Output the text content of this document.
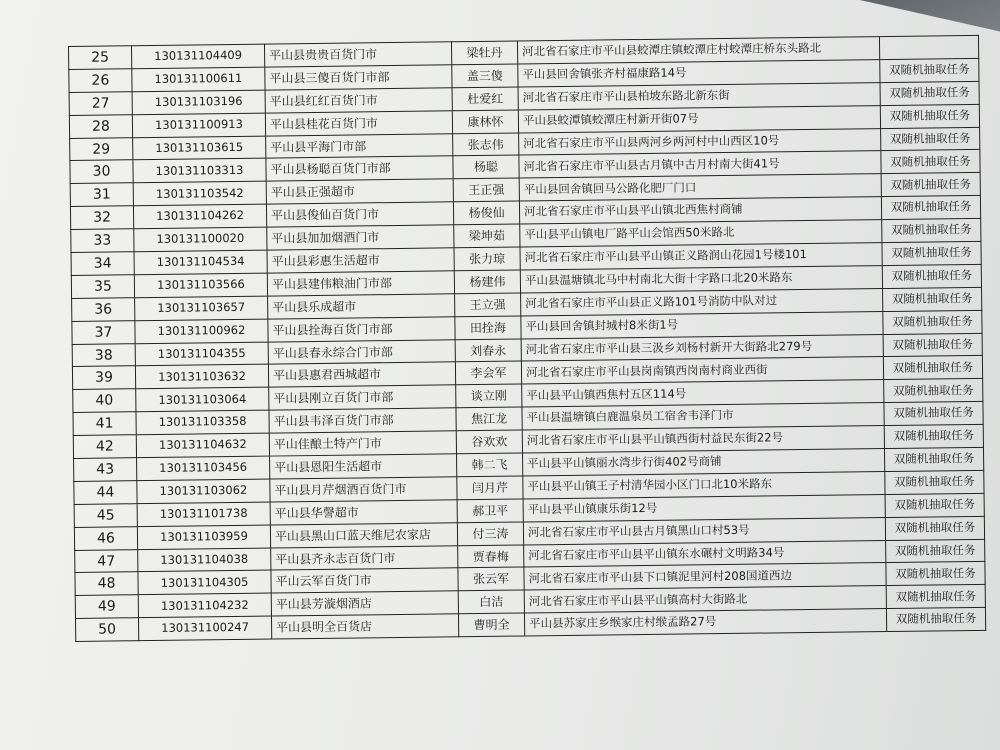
25	130131104409	平山县贵贵百货门市	梁牡丹	河北省石家庄市平山县蛟潭庄镇蛟潭庄村蛟潭庄桥东头路北	
26	130131100611	平山县三傻百货门市部	盖三傻	平山县回舍镇张齐村福康路14号	双随机抽取任务
27	130131103196	平山县红红百货门市	杜爱红	河北省石家庄市平山县柏坡东路北新东街	双随机抽取任务
28	130131100913	平山县桂花百货门市	康林怀	平山县蛟潭镇蛟潭庄村新开街07号	双随机抽取任务
29	130131103615	平山县平海门市部	张志伟	河北省石家庄市平山县两河乡两河村中山西区10号	双随机抽取任务
30	130131103313	平山县杨聪百货门市部	杨聪	河北省石家庄市平山县古月镇中古月村南大街41号	双随机抽取任务
31	130131103542	平山县正强超市	王正强	平山县回舍镇回马公路化肥厂门口	双随机抽取任务
32	130131104262	平山县俊仙百货门市	杨俊仙	河北省石家庄市平山县平山镇北西焦村商铺	双随机抽取任务
33	130131100020	平山县加加烟酒门市	梁坤茹	平山县平山镇电厂路平山会馆西50米路北	双随机抽取任务
34	130131104534	平山县彩惠生活超市	张力琼	河北省石家庄市平山县平山镇正义路润山花园1号楼101	双随机抽取任务
35	130131103566	平山县建伟粮油门市部	杨建伟	平山县温塘镇北马中村南北大街十字路口北20米路东	双随机抽取任务
36	130131103657	平山县乐成超市	王立强	河北省石家庄市平山县正义路101号消防中队对过	双随机抽取任务
37	130131100962	平山县拴海百货门市部	田拴海	平山县回舍镇封城村8米街1号	双随机抽取任务
38	130131104355	平山县春永综合门市部	刘春永	河北省石家庄市平山县三汲乡刘杨村新开大街路北279号	双随机抽取任务
39	130131103632	平山县惠君西城超市	李会军	河北省石家庄市平山县岗南镇西岗南村商业西街	双随机抽取任务
40	130131103064	平山县刚立百货门市部	谈立刚	平山县平山镇西焦村五区114号	双随机抽取任务
41	130131103358	平山县韦泽百货门市部	焦江龙	平山县温塘镇白鹿温泉员工宿舍韦泽门市	双随机抽取任务
42	130131104632	平山佳酿土特产门市	谷欢欢	河北省石家庄市平山县平山镇西街村益民东街22号	双随机抽取任务
43	130131103456	平山县恩阳生活超市	韩二飞	平山县平山镇丽水湾步行街402号商铺	双随机抽取任务
44	130131103062	平山县月芹烟酒百货门市	闫月芹	平山县平山镇王子村清华园小区门口北10米路东	双随机抽取任务
45	130131101738	平山县华謦超市	郝卫平	平山县平山镇康乐街12号	双随机抽取任务
46	130131103959	平山县黑山口蓝天维尼农家店	付三涛	河北省石家庄市平山县古月镇黑山口村53号	双随机抽取任务
47	130131104038	平山县齐永志百货门市	贾春梅	河北省石家庄市平山县平山镇东水碾村文明路34号	双随机抽取任务
48	130131104305	平山云军百货门市	张云军	河北省石家庄市平山县下口镇泥里河村208国道西边	双随机抽取任务
49	130131104232	平山县芳漩烟酒店	白洁	河北省石家庄市平山县平山镇高村大街路北	双随机抽取任务
50	130131100247	平山县明全百货店	曹明全	平山县苏家庄乡缑家庄村缑孟路27号	双随机抽取任务
